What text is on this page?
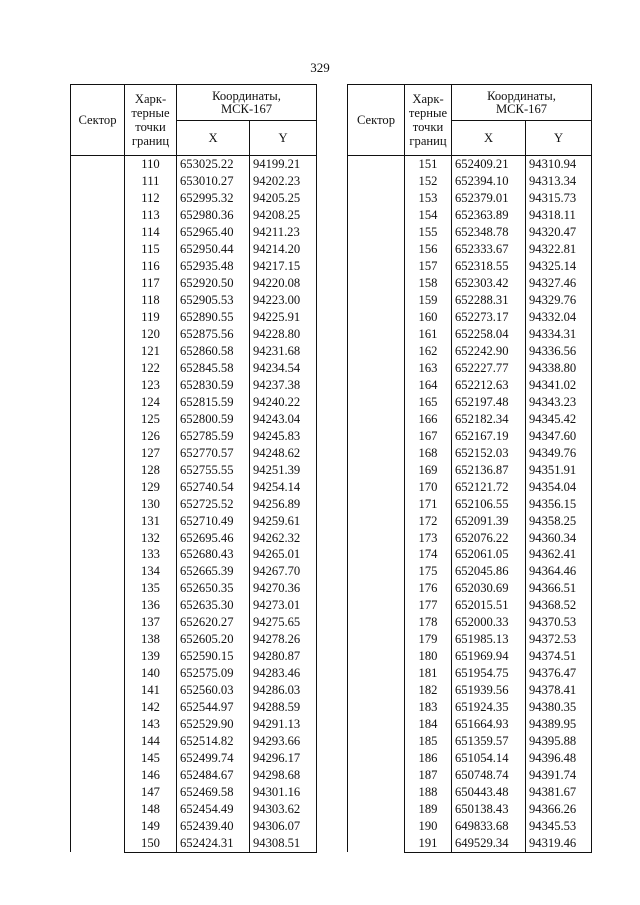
329
Сектор	Харк-
терные
точки
границ	Координаты,
МСК-167	
		X	Y
	110	653025.22	94199.21
	111	653010.27	94202.23
	112	652995.32	94205.25
	113	652980.36	94208.25
	114	652965.40	94211.23
	115	652950.44	94214.20
	116	652935.48	94217.15
	117	652920.50	94220.08
	118	652905.53	94223.00
	119	652890.55	94225.91
	120	652875.56	94228.80
	121	652860.58	94231.68
	122	652845.58	94234.54
	123	652830.59	94237.38
	124	652815.59	94240.22
	125	652800.59	94243.04
	126	652785.59	94245.83
	127	652770.57	94248.62
	128	652755.55	94251.39
	129	652740.54	94254.14
	130	652725.52	94256.89
	131	652710.49	94259.61
	132	652695.46	94262.32
	133	652680.43	94265.01
	134	652665.39	94267.70
	135	652650.35	94270.36
	136	652635.30	94273.01
	137	652620.27	94275.65
	138	652605.20	94278.26
	139	652590.15	94280.87
	140	652575.09	94283.46
	141	652560.03	94286.03
	142	652544.97	94288.59
	143	652529.90	94291.13
	144	652514.82	94293.66
	145	652499.74	94296.17
	146	652484.67	94298.68
	147	652469.58	94301.16
	148	652454.49	94303.62
	149	652439.40	94306.07
	150	652424.31	94308.51
Сектор	Харк-
терные
точки
границ	Координаты,
МСК-167	
		X	Y
	151	652409.21	94310.94
	152	652394.10	94313.34
	153	652379.01	94315.73
	154	652363.89	94318.11
	155	652348.78	94320.47
	156	652333.67	94322.81
	157	652318.55	94325.14
	158	652303.42	94327.46
	159	652288.31	94329.76
	160	652273.17	94332.04
	161	652258.04	94334.31
	162	652242.90	94336.56
	163	652227.77	94338.80
	164	652212.63	94341.02
	165	652197.48	94343.23
	166	652182.34	94345.42
	167	652167.19	94347.60
	168	652152.03	94349.76
	169	652136.87	94351.91
	170	652121.72	94354.04
	171	652106.55	94356.15
	172	652091.39	94358.25
	173	652076.22	94360.34
	174	652061.05	94362.41
	175	652045.86	94364.46
	176	652030.69	94366.51
	177	652015.51	94368.52
	178	652000.33	94370.53
	179	651985.13	94372.53
	180	651969.94	94374.51
	181	651954.75	94376.47
	182	651939.56	94378.41
	183	651924.35	94380.35
	184	651664.93	94389.95
	185	651359.57	94395.88
	186	651054.14	94396.48
	187	650748.74	94391.74
	188	650443.48	94381.67
	189	650138.43	94366.26
	190	649833.68	94345.53
	191	649529.34	94319.46
